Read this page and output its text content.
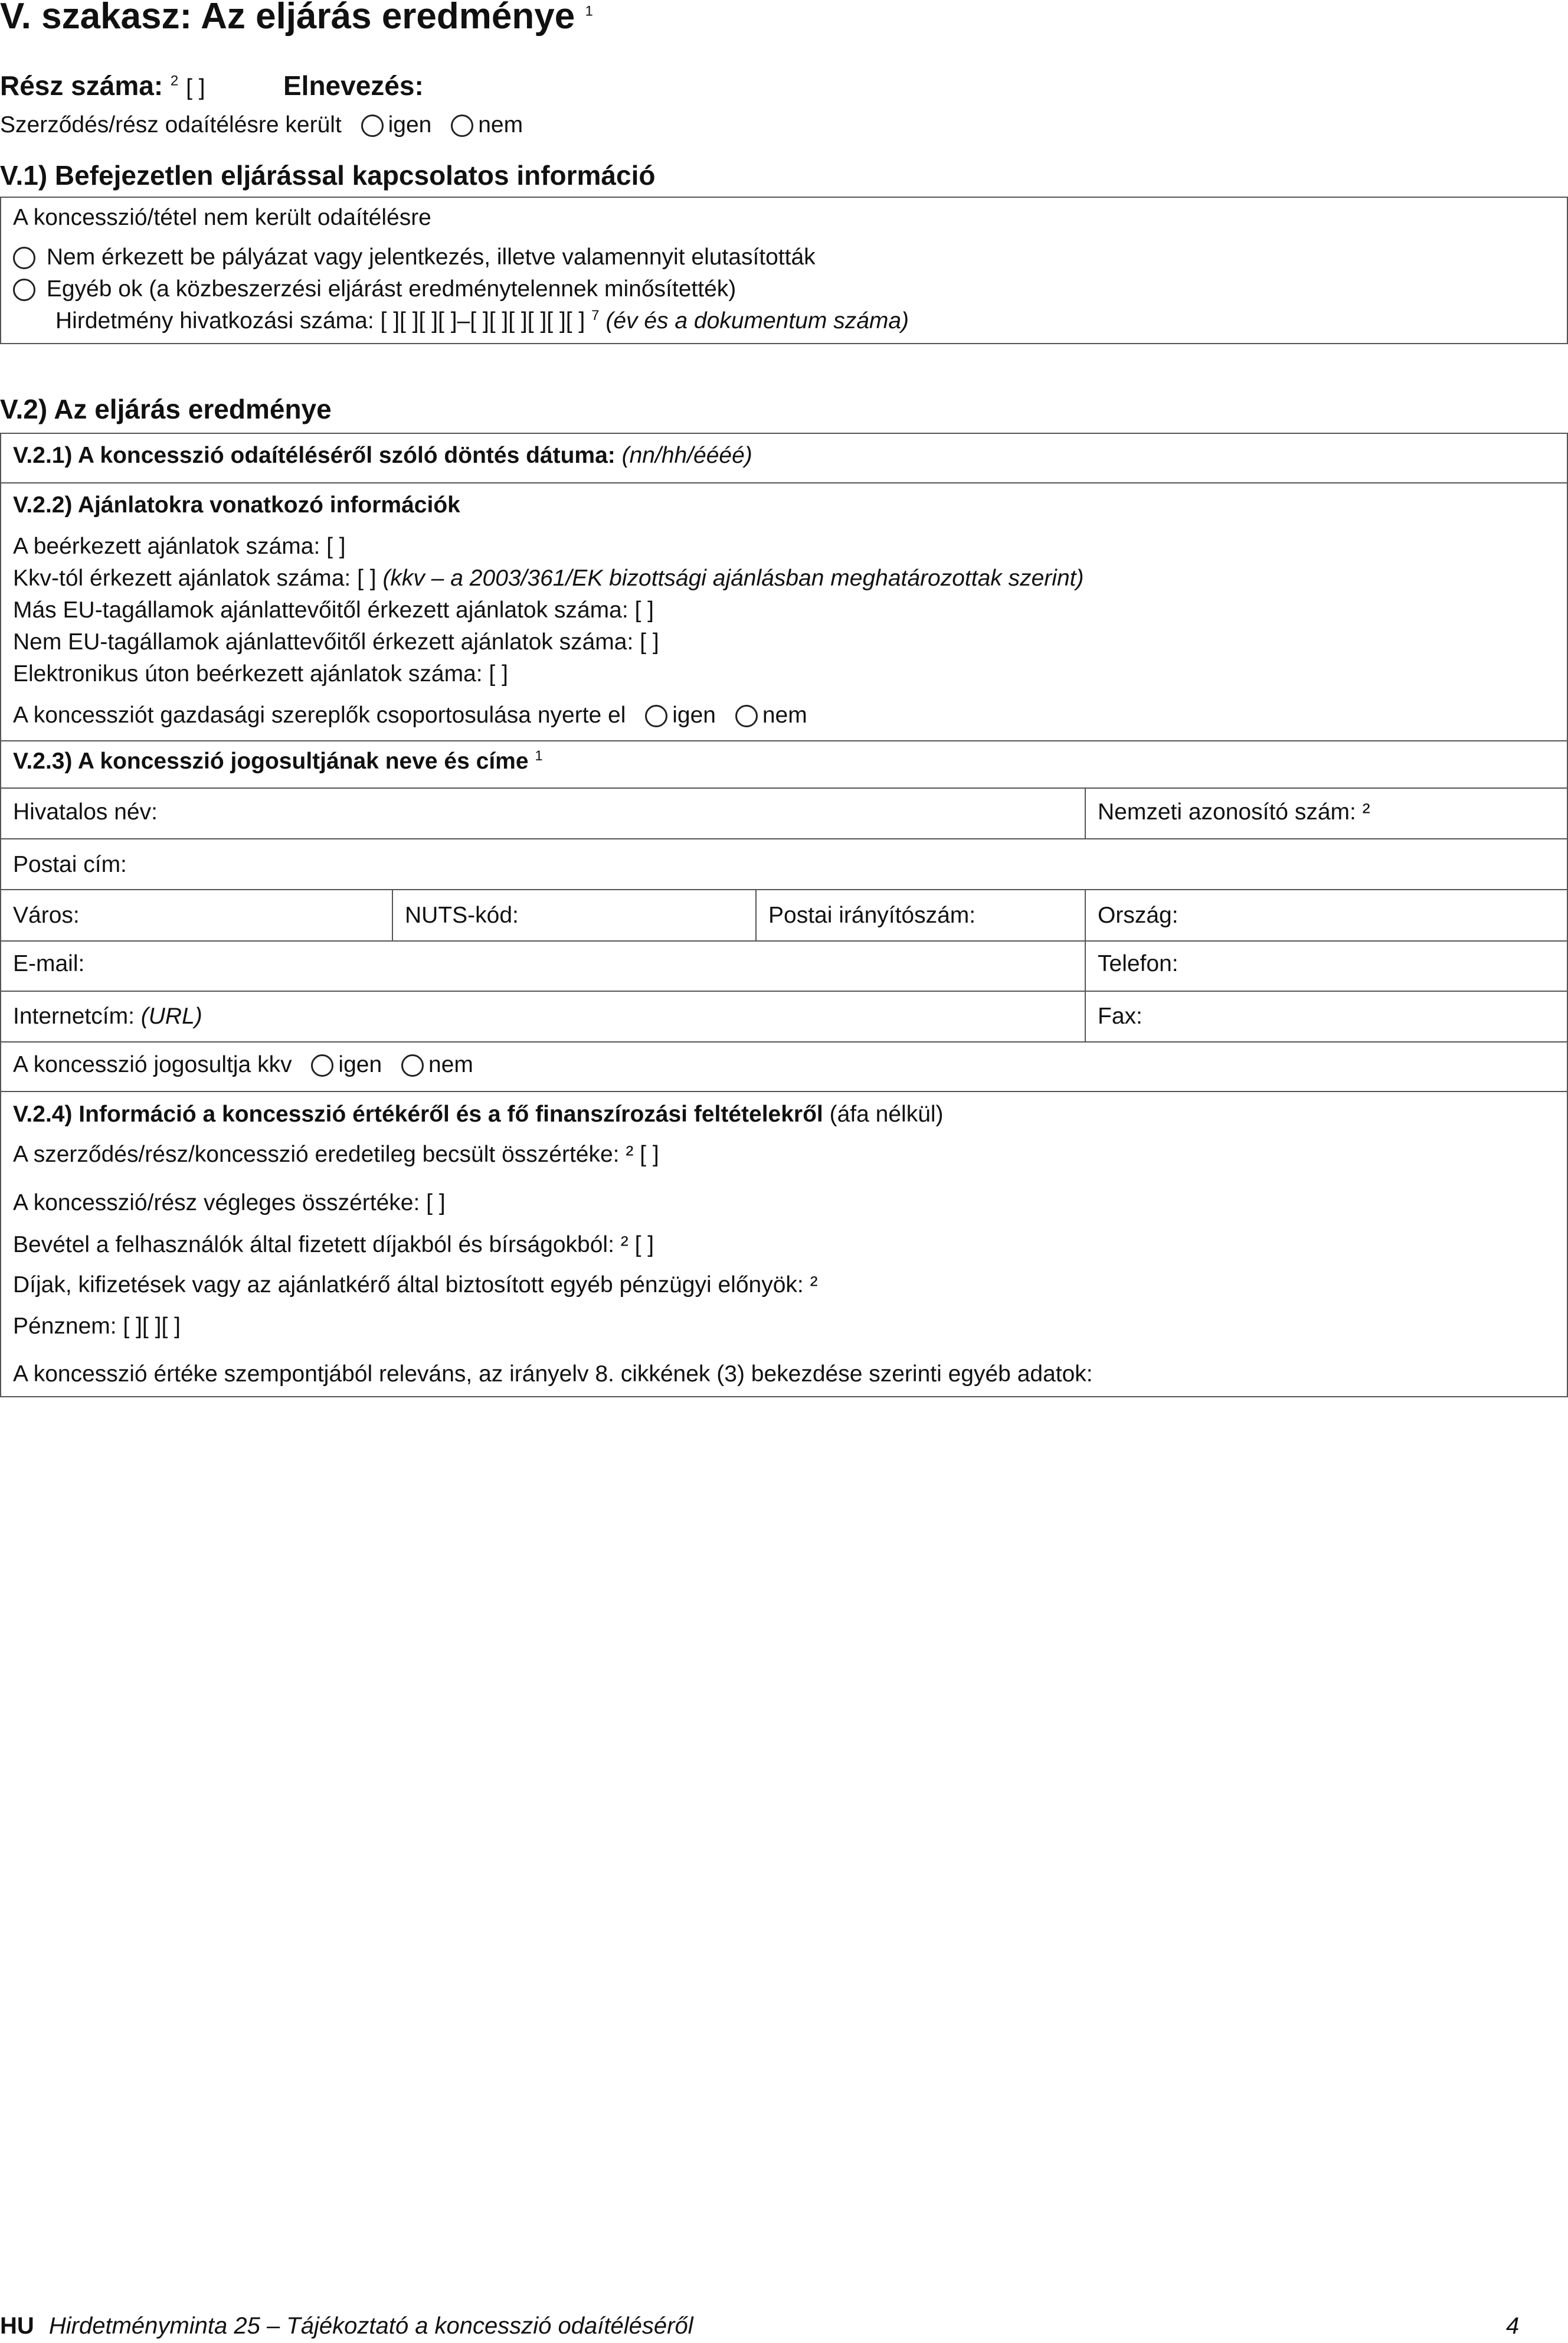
V. szakasz: Az eljárás eredménye $^1$
Rész száma: $^2$ [ ]	Elnevezés:
Szerződés/rész odaítélésre került igen nem
V.1) Befejezetlen eljárással kapcsolatos információ
A koncesszió/tétel nem került odaítélésre
Nem érkezett be pályázat vagy jelentkezés, illetve valamennyit elutasították
Egyéb ok (a közbeszerzési eljárást eredménytelennek minősítették)
Hirdetmény hivatkozási száma: [ ][ ][ ][ ]–[ ][ ][ ][ ][ ][ ] $^7$ (év és a dokumentum száma)
V.2) Az eljárás eredménye
V.2.1) A koncesszió odaítéléséről szóló döntés dátuma: (nn/hh/éééé)
V.2.2) Ajánlatokra vonatkozó információk
A beérkezett ajánlatok száma: [ ]
Kkv-tól érkezett ajánlatok száma: [ ] (kkv – a 2003/361/EK bizottsági ajánlásban meghatározottak szerint)
Más EU-tagállamok ajánlattevőitől érkezett ajánlatok száma: [ ]
Nem EU-tagállamok ajánlattevőitől érkezett ajánlatok száma: [ ]
Elektronikus úton beérkezett ajánlatok száma: [ ]
A koncessziót gazdasági szereplők csoportosulása nyerte el igen nem
V.2.3) A koncesszió jogosultjának neve és címe $^1$
Hivatalos név:	Nemzeti azonosító szám: ²
Postai cím:
Város:	NUTS-kód:	Postai irányítószám:	Ország:
E-mail:	Telefon:
Internetcím: (URL)	Fax:
A koncesszió jogosultja kkv igen nem
V.2.4) Információ a koncesszió értékéről és a fő finanszírozási feltételekről (áfa nélkül)
A szerződés/rész/koncesszió eredetileg becsült összértéke: ² [ ]
A koncesszió/rész végleges összértéke: [ ]
Bevétel a felhasználók által fizetett díjakból és bírságokból: ² [ ]
Díjak, kifizetések vagy az ajánlatkérő által biztosított egyéb pénzügyi előnyök: ²
Pénznem: [ ][ ][ ]
A koncesszió értéke szempontjából releváns, az irányelv 8. cikkének (3) bekezdése szerinti egyéb adatok:
HU Hirdetményminta 25 – Tájékoztató a koncesszió odaítéléséről	4
